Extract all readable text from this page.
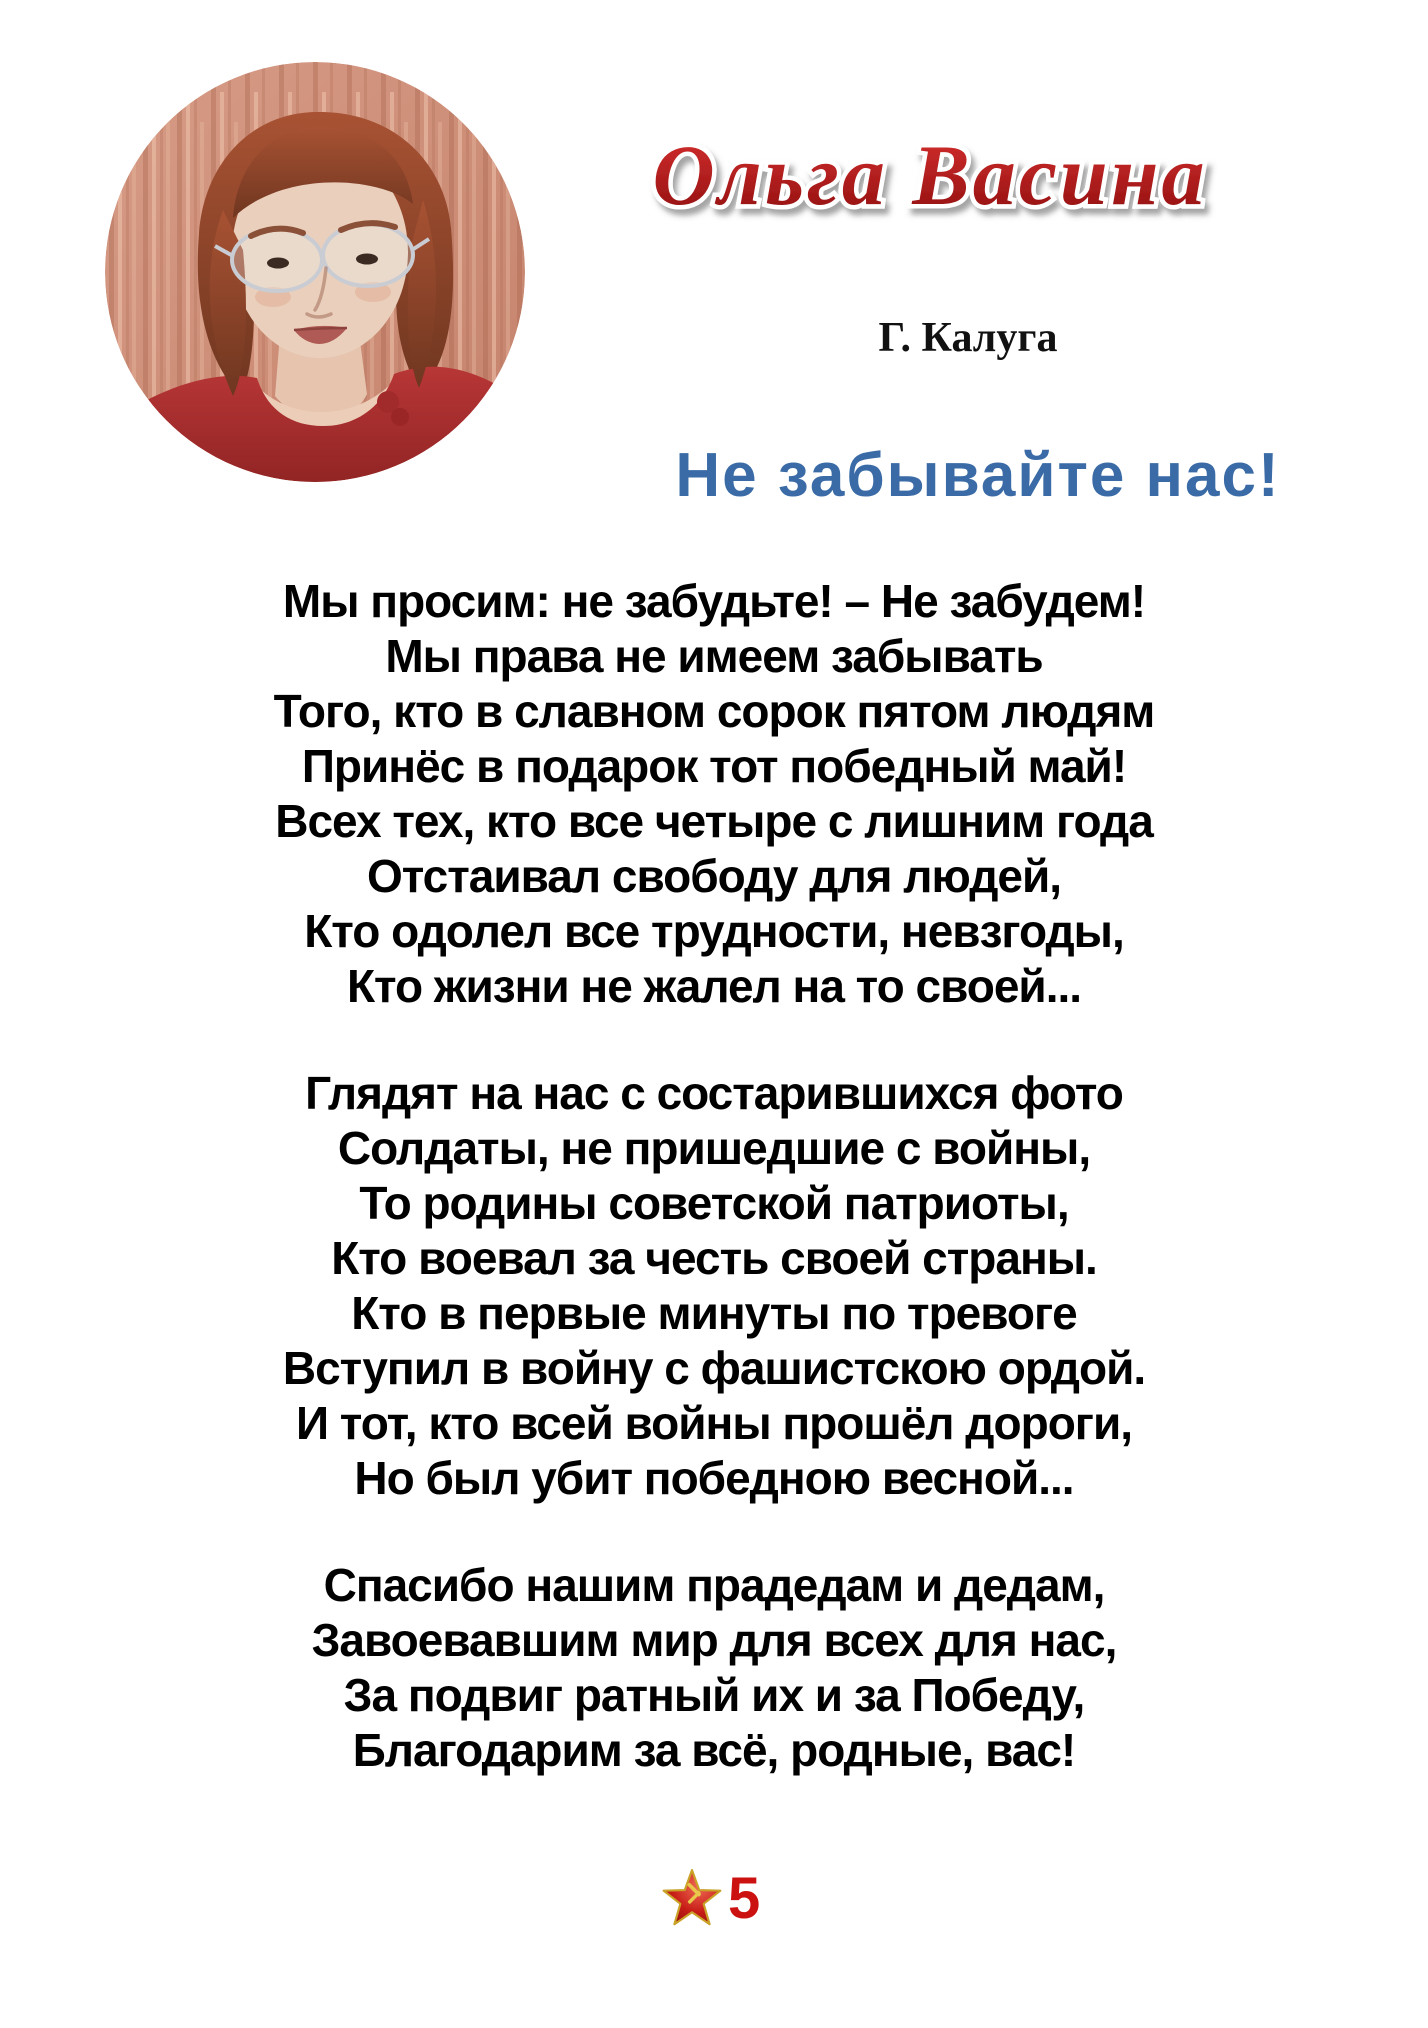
Ольга Васина
Г. Калуга
Не забывайте нас!
Мы просим: не забудьте! – Не забудем!
Мы права не имеем забывать
Того, кто в славном сорок пятом людям
Принёс в подарок тот победный май!
Всех тех, кто все четыре с лишним года
Отстаивал свободу для людей,
Кто одолел все трудности, невзгоды,
Кто жизни не жалел на то своей...
Глядят на нас с состарившихся фото
Солдаты, не пришедшие с войны,
То родины советской патриоты,
Кто воевал за честь своей страны.
Кто в первые минуты по тревоге
Вступил в войну с фашистскою ордой.
И тот, кто всей войны прошёл дороги,
Но был убит победною весной...
Спасибо нашим прадедам и дедам,
Завоевавшим мир для всех для нас,
За подвиг ратный их и за Победу,
Благодарим за всё, родные, вас!
5
